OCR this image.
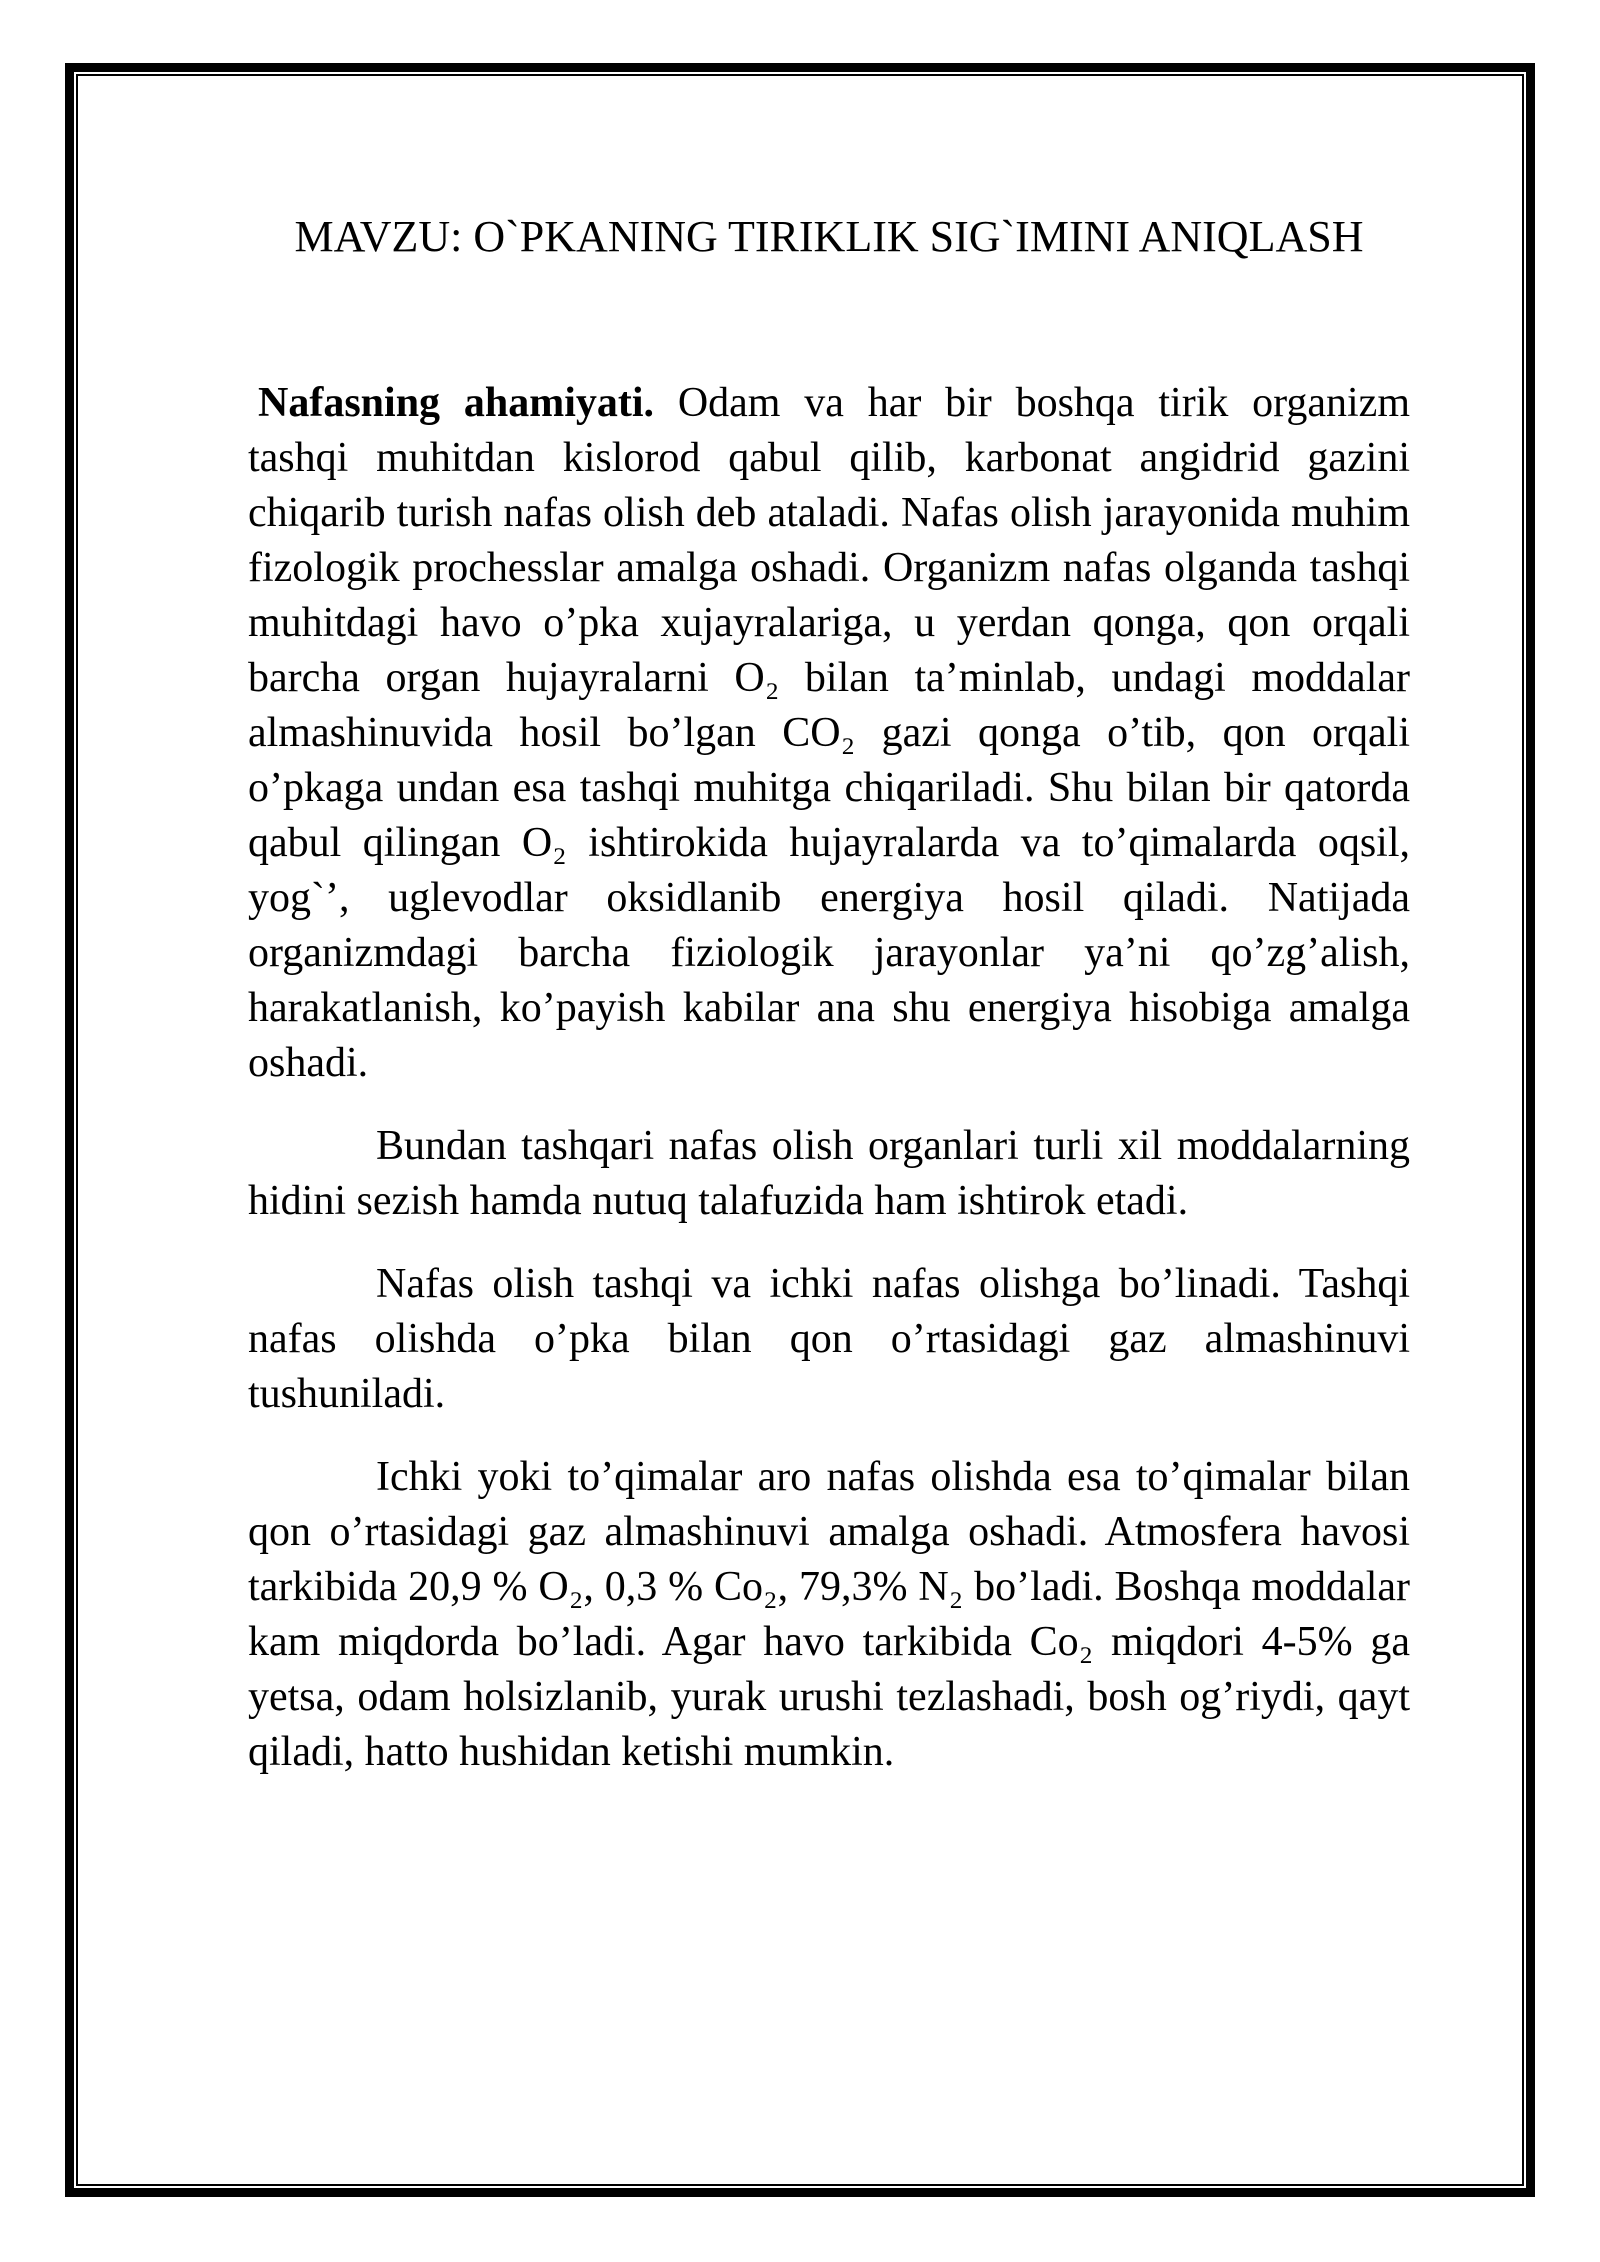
MAVZU: O`PKANING TIRIKLIK SIG`IMINI ANIQLASH

Nafasning ahamiyati. Odam va har bir boshqa tirik organizm tashqi muhitdan kislorod qabul qilib, karbonat angidrid gazini chiqarib turish nafas olish deb ataladi. Nafas olish jarayonida muhim fizologik prochesslar amalga oshadi. Organizm nafas olganda tashqi muhitdagi havo o’pka xujayralariga, u yerdan qonga, qon orqali barcha organ hujayralarni O₂ bilan ta’minlab, undagi moddalar almashinuvida hosil bo’lgan CO₂ gazi qonga o’tib, qon orqali o’pkaga undan esa tashqi muhitga chiqariladi. Shu bilan bir qatorda qabul qilingan O₂ ishtirokida hujayralarda va to’qimalarda oqsil, yog`’, uglevodlar oksidlanib energiya hosil qiladi. Natijada organizmdagi barcha fiziologik jarayonlar ya’ni qo’zg’alish, harakatlanish, ko’payish kabilar ana shu energiya hisobiga amalga oshadi.

Bundan tashqari nafas olish organlari turli xil moddalarning hidini sezish hamda nutuq talafuzida ham ishtirok etadi.

Nafas olish tashqi va ichki nafas olishga bo’linadi. Tashqi nafas olishda o’pka bilan qon o’rtasidagi gaz almashinuvi tushuniladi.

Ichki yoki to’qimalar aro nafas olishda esa to’qimalar bilan qon o’rtasidagi gaz almashinuvi amalga oshadi. Atmosfera havosi tarkibida 20,9 % O₂, 0,3 % Co₂, 79,3% N₂ bo’ladi. Boshqa moddalar kam miqdorda bo’ladi. Agar havo tarkibida Co₂ miqdori 4-5% ga yetsa, odam holsizlanib, yurak urushi tezlashadi, bosh og’riydi, qayt qiladi, hatto hushidan ketishi mumkin.
